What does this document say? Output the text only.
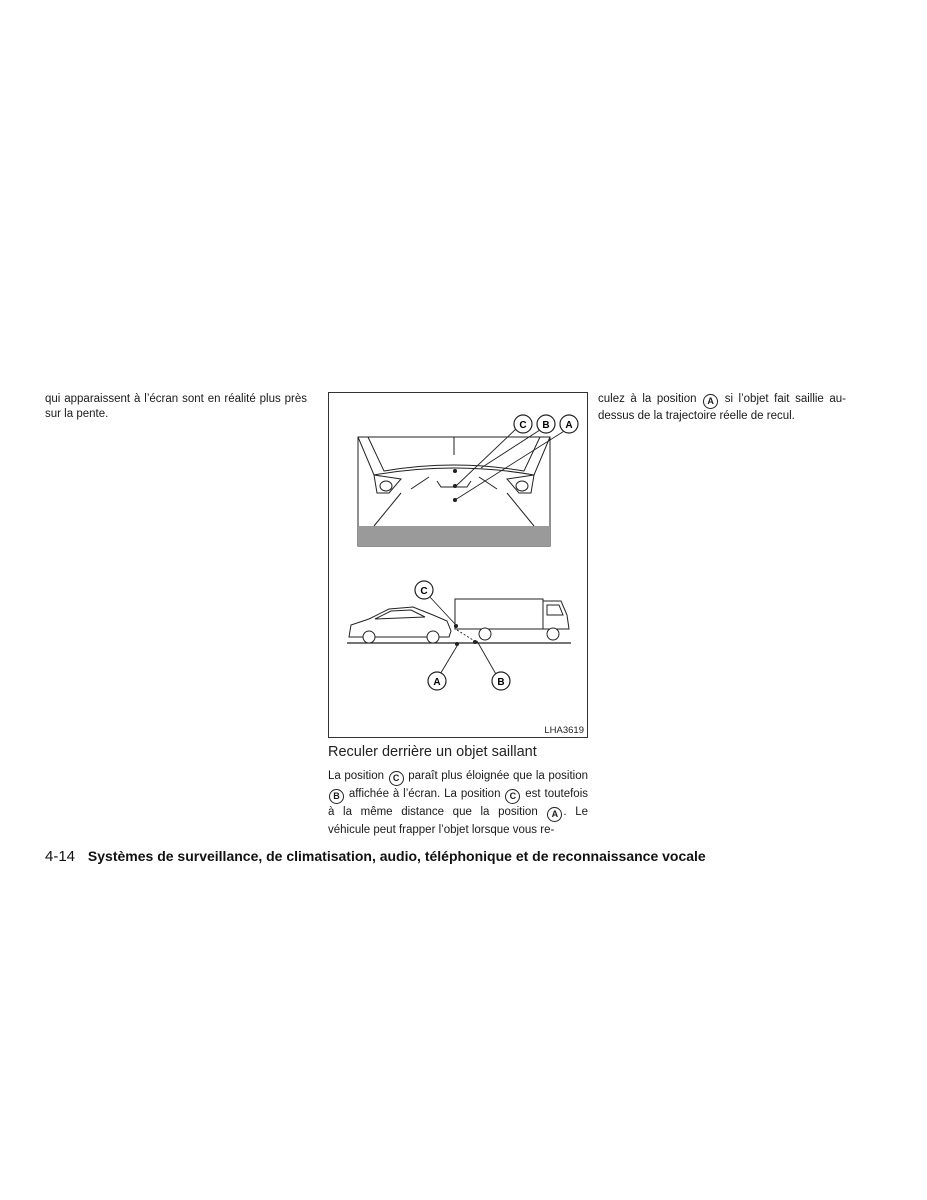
qui apparaissent à l’écran sont en réalité plus près sur la pente.
C B A
C
A	B
LHA3619
Reculer derrière un objet saillant
La position C paraît plus éloignée que la position B affichée à l’écran. La position C est toutefois à la même distance que la position A . Le véhicule peut frapper l’objet lorsque vous re-
culez à la position A si l’objet fait saillie au-dessus de la trajectoire réelle de recul.
4-14 Systèmes de surveillance, de climatisation, audio, téléphonique et de reconnaissance vocale
